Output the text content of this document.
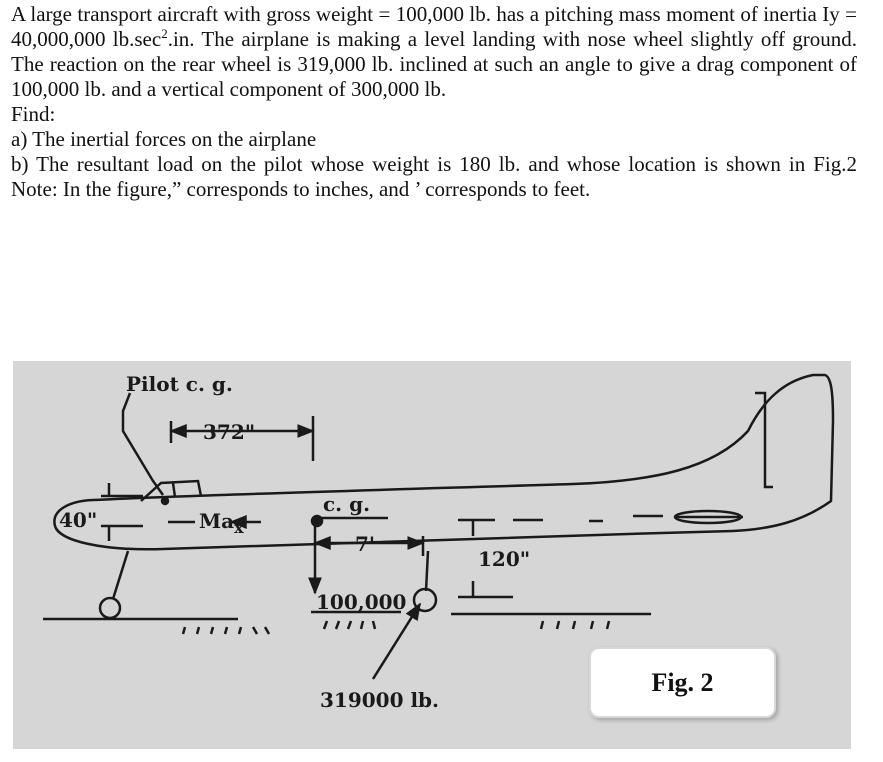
A large transport aircraft with gross weight = 100,000 lb. has a pitching mass moment of inertia Iy = 40,000,000 $lb.\sec^2.in$. The airplane is making a level landing with nose wheel slightly off ground. The reaction on the rear wheel is 319,000 lb. inclined at such an angle to give a drag component of 100,000 lb. and a vertical component of 300,000 lb.

Find:

a) The inertial forces on the airplane

b) The resultant load on the pilot whose weight is 180 lb. and whose location is shown in Fig.2 Note: In the figure,” corresponds to inches, and ’ corresponds to feet.

Pilot c. g.
372"
40"	$Ma_x$
c. g.
7'
120"
100,000
319000 lb.
Fig. 2
